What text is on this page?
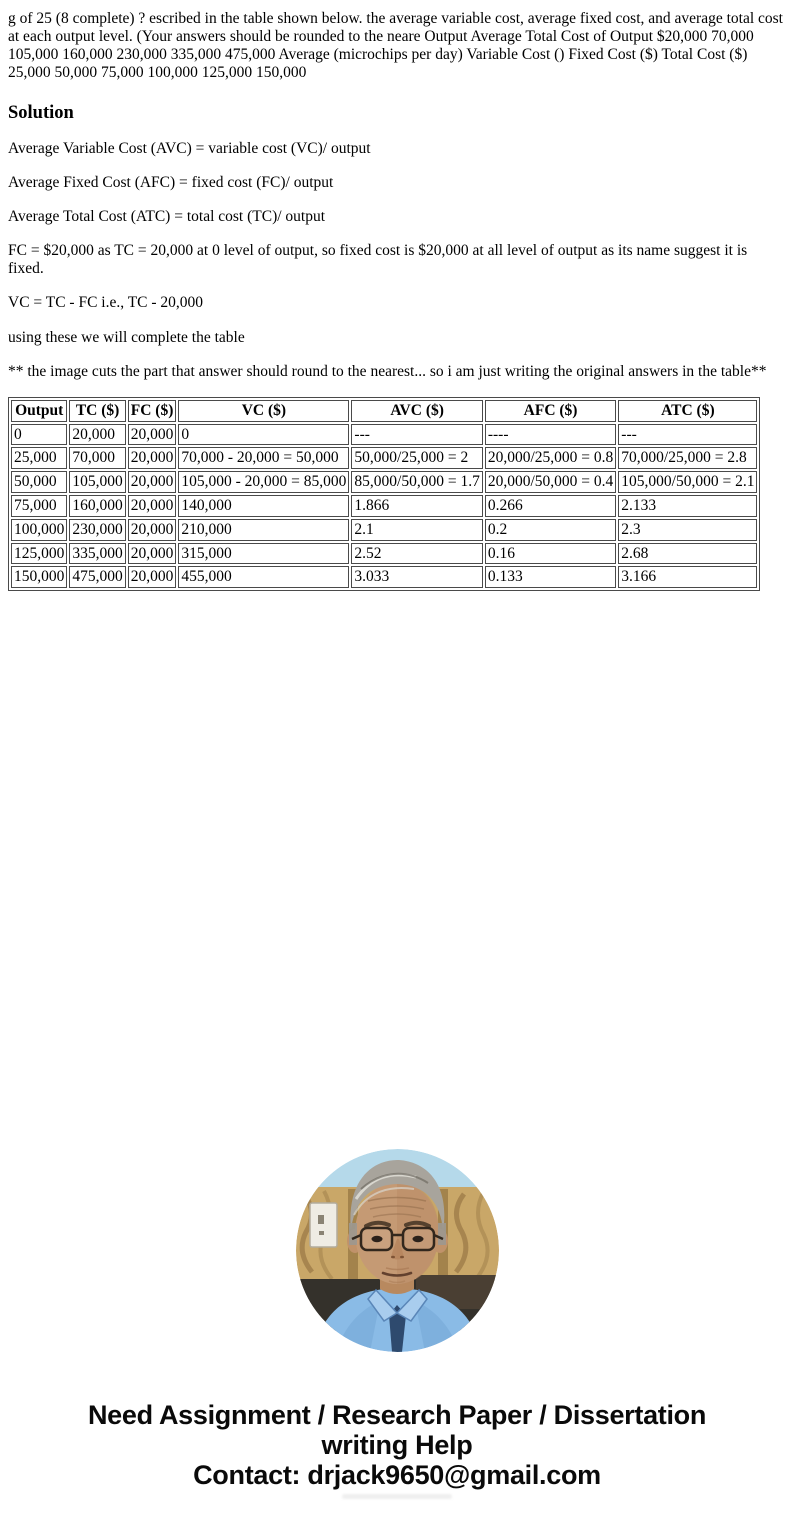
g of 25 (8 complete) ? escribed in the table shown below. the average variable cost, average fixed cost, and average total cost at each output level. (Your answers should be rounded to the neare Output Average Total Cost of Output $20,000 70,000 105,000 160,000 230,000 335,000 475,000 Average (microchips per day) Variable Cost () Fixed Cost ($) Total Cost ($) 25,000 50,000 75,000 100,000 125,000 150,000

Solution

Average Variable Cost (AVC) = variable cost (VC)/ output

Average Fixed Cost (AFC) = fixed cost (FC)/ output

Average Total Cost (ATC) = total cost (TC)/ output

FC = $20,000 as TC = 20,000 at 0 level of output, so fixed cost is $20,000 at all level of output as its name suggest it is fixed.

VC = TC - FC i.e., TC - 20,000

using these we will complete the table

** the image cuts the part that answer should round to the nearest... so i am just writing the original answers in the table**

Output	TC ($)	FC ($)	VC ($)	AVC ($)	AFC ($)	ATC ($)
0	20,000	20,000	0	---	----	---
25,000	70,000	20,000	70,000 - 20,000 = 50,000	50,000/25,000 = 2	20,000/25,000 = 0.8	70,000/25,000 = 2.8
50,000	105,000	20,000	105,000 - 20,000 = 85,000	85,000/50,000 = 1.7	20,000/50,000 = 0.4	105,000/50,000 = 2.1
75,000	160,000	20,000	140,000	1.866	0.266	2.133
100,000	230,000	20,000	210,000	2.1	0.2	2.3
125,000	335,000	20,000	315,000	2.52	0.16	2.68
150,000	475,000	20,000	455,000	3.033	0.133	3.166
Need Assignment / Research Paper / Dissertation
writing Help
Contact: drjack9650@gmail.com
